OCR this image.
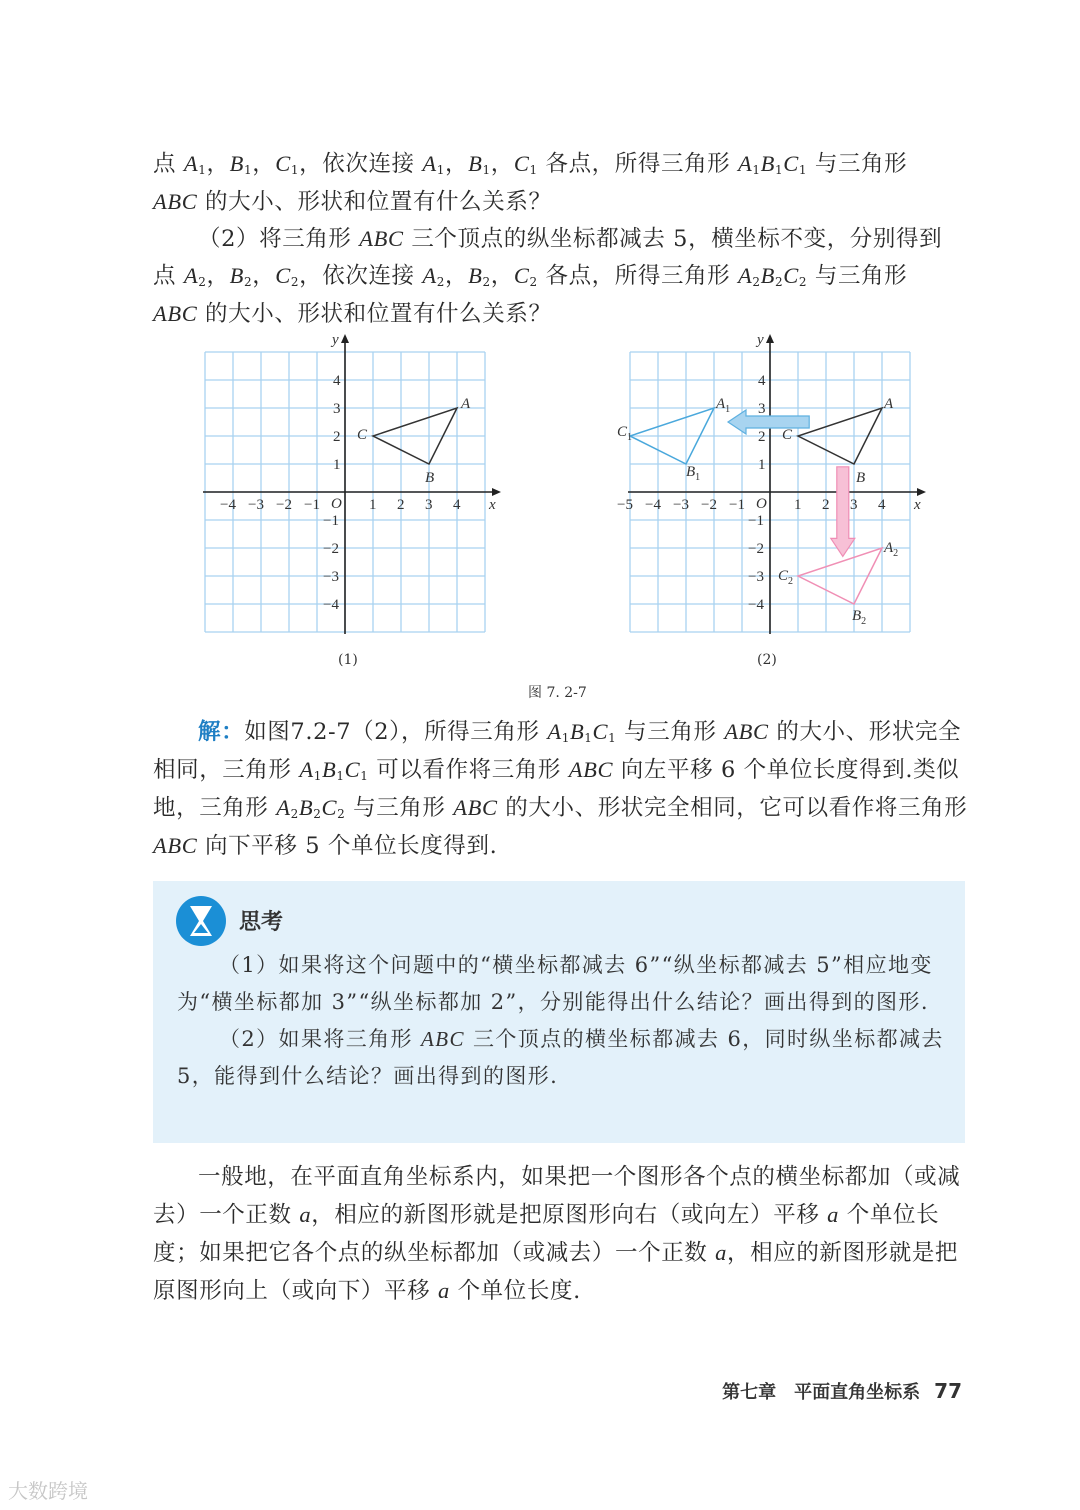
点 $A_1$，$B_1$，$C_1$，依次连接 $A_1$，$B_1$，$C_1$ 各点，所得三角形 $A_1B_1C_1$ 与三角形

ABC 的大小、形状和位置有什么关系？

（2）将三角形 ABC 三个顶点的纵坐标都减去 5，横坐标不变，分别得到

点 $A_2$，$B_2$，$C_2$，依次连接 $A_2$，$B_2$，$C_2$ 各点，所得三角形 $A_2B_2C_2$ 与三角形

ABC 的大小、形状和位置有什么关系？

x
y
O
−4 −3 −2 −1	1 2 3 4
4
3
2
1
−1
−2
−3
−4
A
B
C
x
y
O
−5 −4 −3 −2 −1	1 2 3 4
4
3
2
1
−1
−2
−3
−4
A
B
C
$A_1$
$B_1$
$C_1$
$A_2$
$B_2$
$C_2$
(1)	(2)
图 7. 2-7

解：如图7.2-7（2），所得三角形 $A_1B_1C_1$ 与三角形 ABC 的大小、形状完全相同，三角形 $A_1B_1C_1$ 可以看作将三角形 ABC 向左平移 6 个单位长度得到.类似地，三角形 $A_2B_2C_2$ 与三角形 ABC 的大小、形状完全相同，它可以看作将三角形 ABC 向下平移 5 个单位长度得到.

思考

（1）如果将这个问题中的“横坐标都减去 6”“纵坐标都减去 5”相应地变为“横坐标都加 3”“纵坐标都加 2”，分别能得出什么结论？画出得到的图形.

（2）如果将三角形 ABC 三个顶点的横坐标都减去 6，同时纵坐标都减去 5，能得到什么结论？画出得到的图形.

一般地，在平面直角坐标系内，如果把一个图形各个点的横坐标都加（或减去）一个正数 a，相应的新图形就是把原图形向右（或向左）平移 a 个单位长度；如果把它各个点的纵坐标都加（或减去）一个正数 a，相应的新图形就是把原图形向上（或向下）平移 a 个单位长度.

第七章　平面直角坐标系 77
大数跨境
